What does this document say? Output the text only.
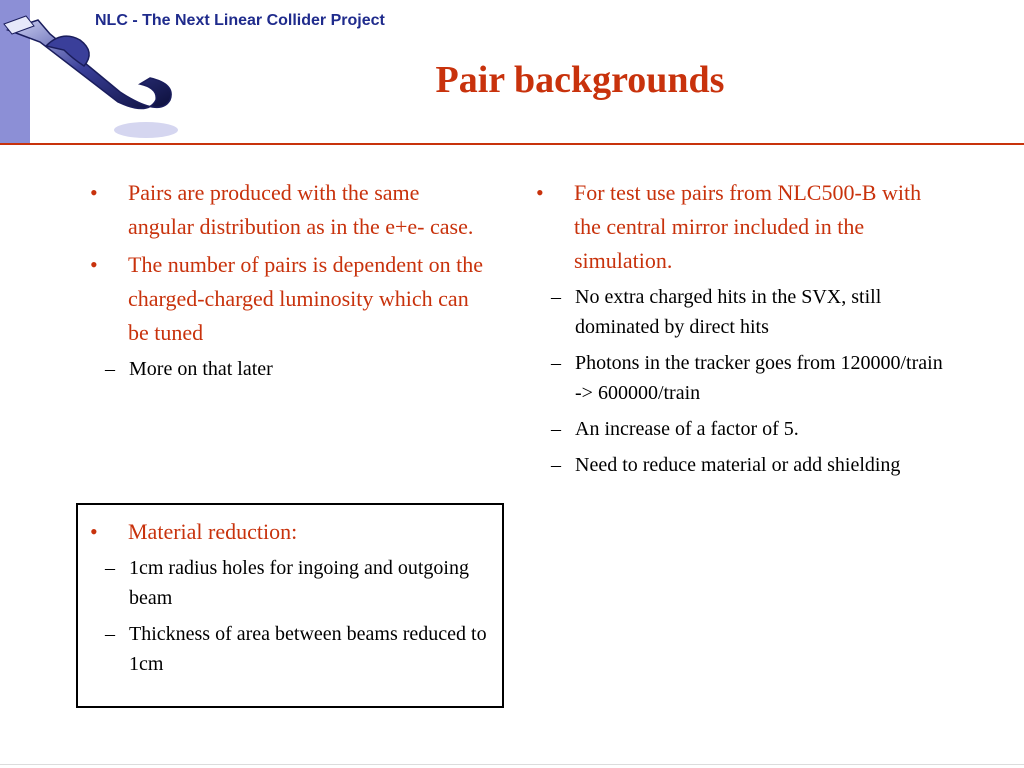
NLC - The Next Linear Collider Project
Pair backgrounds
•	Pairs are produced with the same angular distribution as in the e+e- case.
•	The number of pairs is dependent on the charged-charged luminosity which can be tuned
– More on that later
•	Material reduction:
– 1cm radius holes for ingoing and outgoing beam
– Thickness of area between beams reduced to 1cm
•	For test use pairs from NLC500-B with the central mirror included in the simulation.
– No extra charged hits in the SVX, still dominated by direct hits
– Photons in the tracker goes from 120000/train -> 600000/train
– An increase of a factor of 5.
– Need to reduce material or add shielding
